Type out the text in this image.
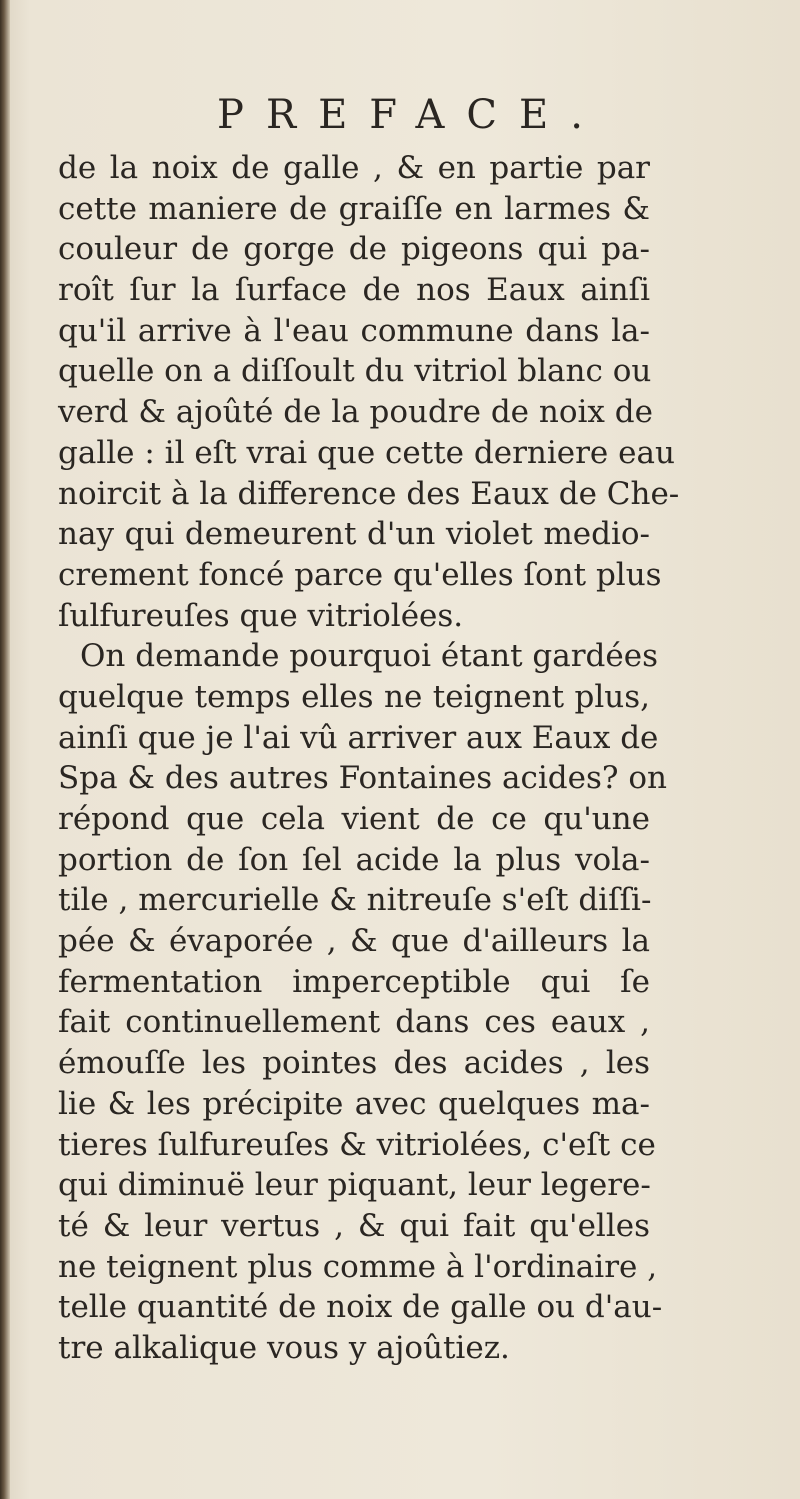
PREFACE.
de la noix de galle , & en partie par
cette maniere de graiſſe en larmes &
couleur de gorge de pigeons qui pa-
roît ſur la ſurface de nos Eaux ainſi
qu'il arrive à l'eau commune dans la-
quelle on a diſſoult du vitriol blanc ou
verd & ajoûté de la poudre de noix de
galle : il eſt vrai que cette derniere eau
noircit à la difference des Eaux de Che-
nay qui demeurent d'un violet medio-
crement foncé parce qu'elles ſont plus
ſulfureuſes que vitriolées.
On demande pourquoi étant gardées
quelque temps elles ne teignent plus,
ainſi que je l'ai vû arriver aux Eaux de
Spa & des autres Fontaines acides? on
répond que cela vient de ce qu'une
portion de ſon ſel acide la plus vola-
tile , mercurielle & nitreuſe s'eſt diſſi-
pée & évaporée , & que d'ailleurs la
fermentation imperceptible qui ſe
fait continuellement dans ces eaux ,
émouſſe les pointes des acides , les
lie & les précipite avec quelques ma-
tieres ſulfureuſes & vitriolées, c'eſt ce
qui diminuë leur piquant, leur legere-
té & leur vertus , & qui fait qu'elles
ne teignent plus comme à l'ordinaire ,
telle quantité de noix de galle ou d'au-
tre alkalique vous y ajoûtiez.
